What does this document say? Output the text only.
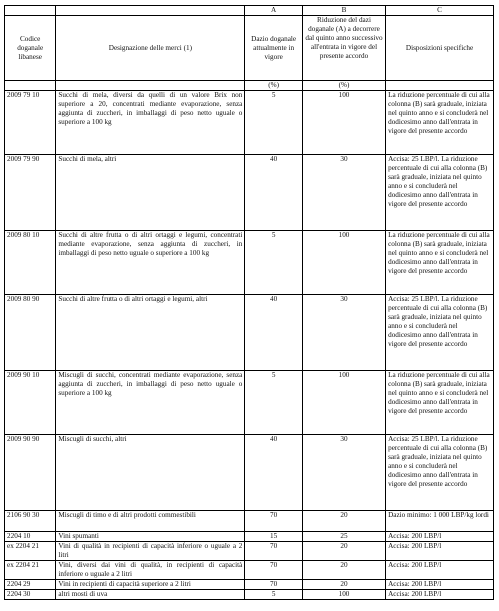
		A	B	C
Codice doganale libanese	Designazione delle merci (1)	Dazio doganale attualmente in vigore	Riduzione del dazi doganale (A) a decorrere dal quinto anno successivo all'entrata in vigore del presente accordo	Disposizioni specifiche
		(%)	(%)	
2009 79 10	Succhi di mela, diversi da quelli di un valore Brix non superiore a 20, concentrati mediante evaporazione, senza aggiunta di zuccheri, in imballaggi di peso netto uguale o superiore a 100 kg	5	100	La riduzione percentuale di cui alla colonna (B) sarà graduale, iniziata nel quinto anno e si concluderà nel dodicesimo anno dall'entrata in vigore del presente accordo
2009 79 90	Succhi di mela, altri	40	30	Accisa: 25 LBP/l. La riduzione percentuale di cui alla colonna (B) sarà graduale, iniziata nel quinto anno e si concluderà nel dodicesimo anno dall'entrata in vigore del presente accordo
2009 80 10	Succhi di altre frutta o di altri ortaggi e legumi, concentrati mediante evaporazione, senza aggiunta di zuccheri, in imballaggi di peso netto uguale o superiore a 100 kg	5	100	La riduzione percentuale di cui alla colonna (B) sarà graduale, iniziata nel quinto anno e si concluderà nel dodicesimo anno dall'entrata in vigore del presente accordo
2009 80 90	Succhi di altre frutta o di altri ortaggi e legumi, altri	40	30	Accisa: 25 LBP/l. La riduzione percentuale di cui alla colonna (B) sarà graduale, iniziata nel quinto anno e si concluderà nel dodicesimo anno dall'entrata in vigore del presente accordo
2009 90 10	Miscugli di succhi, concentrati mediante evaporazione, senza aggiunta di zuccheri, in imballaggi di peso netto uguale o superiore a 100 kg	5	100	La riduzione percentuale di cui alla colonna (B) sarà graduale, iniziata nel quinto anno e si concluderà nel dodicesimo anno dall'entrata in vigore del presente accordo
2009 90 90	Miscugli di succhi, altri	40	30	Accisa: 25 LBP/l. La riduzione percentuale di cui alla colonna (B) sarà graduale, iniziata nel quinto anno e si concluderà nel dodicesimo anno dall'entrata in vigore del presente accordo
2106 90 30	Miscugli di timo e di altri prodotti commestibili	70	20	Dazio minimo: 1 000 LBP/kg lordi
2204 10	Vini spumanti	15	25	Accisa: 200 LBP/l
ex 2204 21	Vini di qualità in recipienti di capacità inferiore o uguale a 2 litri	70	20	Accisa: 200 LBP/l
ex 2204 21	Vini, diversi dai vini di qualità, in recipienti di capacità inferiore o uguale a 2 litri	70	20	Accisa: 200 LBP/l
2204 29	Vini in recipienti di capacità superiore a 2 litri	70	20	Accisa: 200 LBP/l
2204 30	altri mosti di uva	5	100	Accisa: 200 LBP/l
